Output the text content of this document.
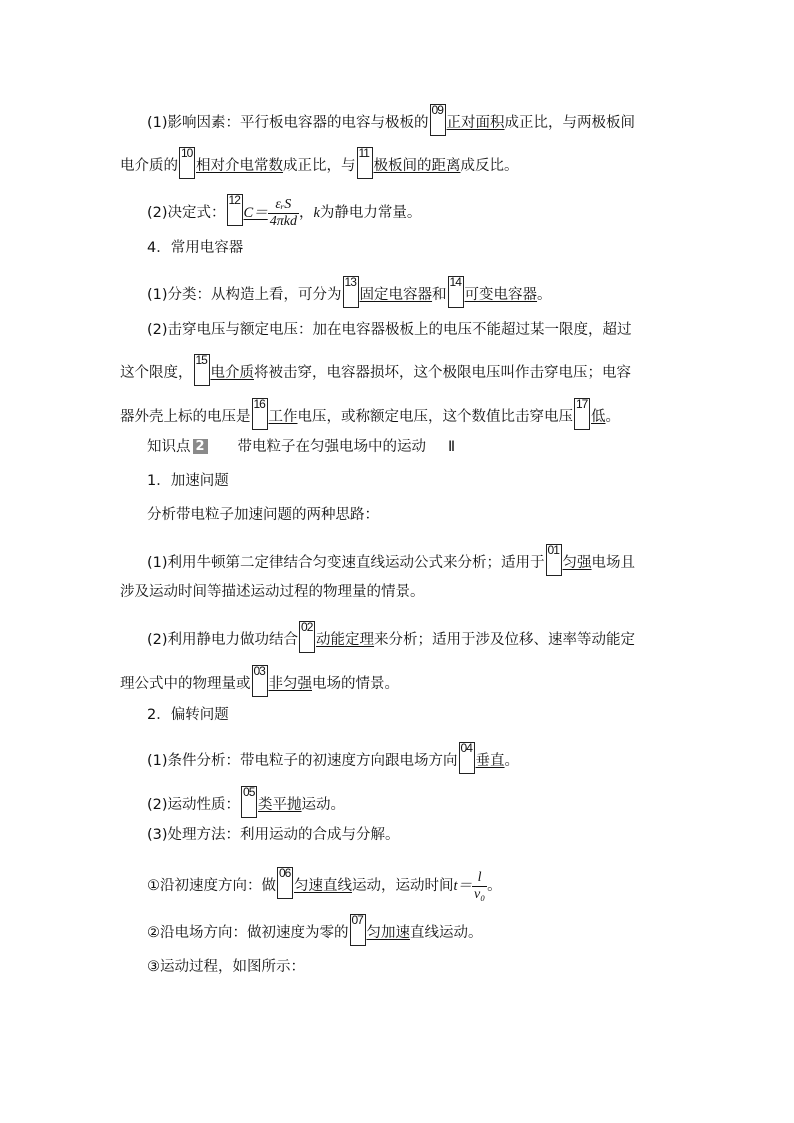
(1)影响因素：平行板电容器的电容与极板的
09
正对面积成正比，与两极板间
电介质的
10
相对介电常数成正比，与
11
极板间的距离成反比。
(2)决定式：
12
$C= \frac{\text{εᵣS}}{\text{4πkd}}$ ，k为静电力常量。
4．常用电容器
(1)分类：从构造上看，可分为
13
固定电容器和
14
可变电容器。
(2)击穿电压与额定电压：加在电容器极板上的电压不能超过某一限度，超过
这个限度，
15
电介质将被击穿，电容器损坏，这个极限电压叫作击穿电压；电容
器外壳上标的电压是
16
工作电压，或称额定电压，这个数值比击穿电压
17
低。
知识点 2 带电粒子在匀强电场中的运动 Ⅱ
1．加速问题
分析带电粒子加速问题的两种思路：
(1)利用牛顿第二定律结合匀变速直线运动公式来分析；适用于
01
匀强电场且
涉及运动时间等描述运动过程的物理量的情景。
(2)利用静电力做功结合
02
动能定理来分析；适用于涉及位移、速率等动能定
理公式中的物理量或
03
非匀强电场的情景。
2．偏转问题
(1)条件分析：带电粒子的初速度方向跟电场方向
04
垂直。
(2)运动性质：
05
类平抛运动。
(3)处理方法：利用运动的合成与分解。
①沿初速度方向：做
06
匀速直线运动，运动时间$t= \frac{l}{\text{v₀}}$ 。
②沿电场方向：做初速度为零的
07
匀加速直线运动。
③运动过程，如图所示：
